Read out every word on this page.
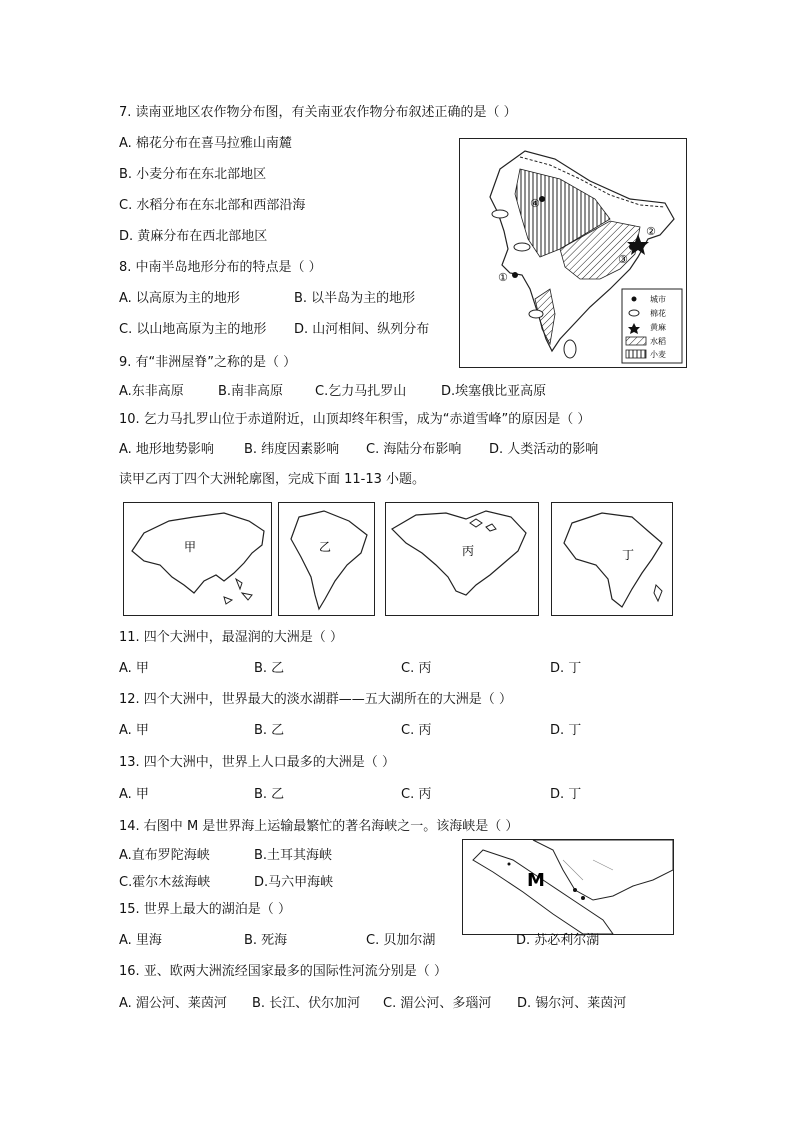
7. 读南亚地区农作物分布图，有关南亚农作物分布叙述正确的是（ ）
A. 棉花分布在喜马拉雅山南麓
B. 小麦分布在东北部地区
C. 水稻分布在东北部和西部沿海
D. 黄麻分布在西北部地区
8. 中南半岛地形分布的特点是（ ）
A. 以高原为主的地形	B. 以半岛为主的地形
C. 以山地高原为主的地形 D. 山河相间、纵列分布
①
②
③
④
城市
棉花
黄麻
水稻
小麦
9. 有“非洲屋脊”之称的是（ ）
A.东非高原	B.南非高原 C.乞力马扎罗山	D.埃塞俄比亚高原
10. 乞力马扎罗山位于赤道附近，山顶却终年积雪，成为“赤道雪峰”的原因是（ ）
A. 地形地势影响 B. 纬度因素影响 C. 海陆分布影响 D. 人类活动的影响
读甲乙丙丁四个大洲轮廓图，完成下面 11-13 小题。
甲	乙	丙	丁
11. 四个大洲中，最湿润的大洲是（ ）
A. 甲	B. 乙	C. 丙	D. 丁
12. 四个大洲中，世界最大的淡水湖群——五大湖所在的大洲是（ ）
A. 甲	B. 乙	C. 丙	D. 丁
13. 四个大洲中，世界上人口最多的大洲是（ ）
A. 甲	B. 乙	C. 丙	D. 丁
14. 右图中 M 是世界海上运输最繁忙的著名海峡之一。该海峡是（ ）
A.直布罗陀海峡	B.土耳其海峡
C.霍尔木兹海峡	D.马六甲海峡	M
15. 世界上最大的湖泊是（ ）
A. 里海	B. 死海	C. 贝加尔湖	D. 苏必利尔湖
16. 亚、欧两大洲流经国家最多的国际性河流分别是（ ）
A. 湄公河、莱茵河 B. 长江、伏尔加河 C. 湄公河、多瑙河 D. 锡尔河、莱茵河
